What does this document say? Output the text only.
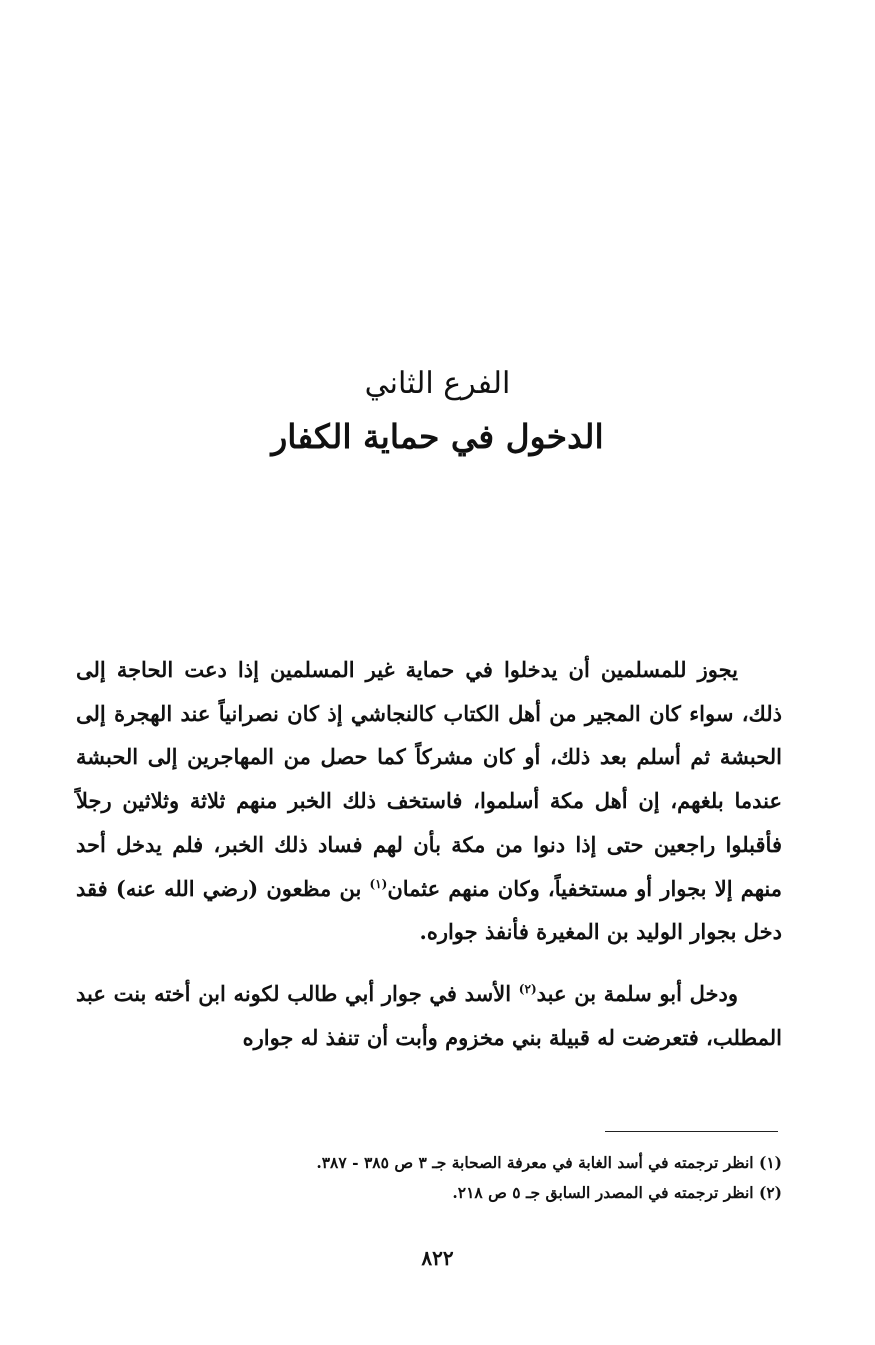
الفرع الثاني
الدخول في حماية الكفار

يجوز للمسلمين أن يدخلوا في حماية غير المسلمين إذا دعت الحاجة إلى ذلك، سواء كان المجير من أهل الكتاب كالنجاشي إذ كان نصرانياً عند الهجرة إلى الحبشة ثم أسلم بعد ذلك، أو كان مشركاً كما حصل من المهاجرين إلى الحبشة عندما بلغهم، إن أهل مكة أسلموا، فاستخف ذلك الخبر منهم ثلاثة وثلاثين رجلاً فأقبلوا راجعين حتى إذا دنوا من مكة بأن لهم فساد ذلك الخبر، فلم يدخل أحد منهم إلا بجوار أو مستخفياً، وكان منهم عثمان$^{(١)}$ بن مظعون (رضي الله عنه) فقد دخل بجوار الوليد بن المغيرة فأنفذ جواره.

ودخل أبو سلمة بن عبد$^{(٢)}$ الأسد في جوار أبي طالب لكونه ابن أخته بنت عبد المطلب، فتعرضت له قبيلة بني مخزوم وأبت أن تنفذ له جواره

(١) انظر ترجمته في أسد الغابة في معرفة الصحابة جـ ٣ ص ٣٨٥ - ٣٨٧.

(٢) انظر ترجمته في المصدر السابق جـ ٥ ص ٢١٨.

٨٢٢
